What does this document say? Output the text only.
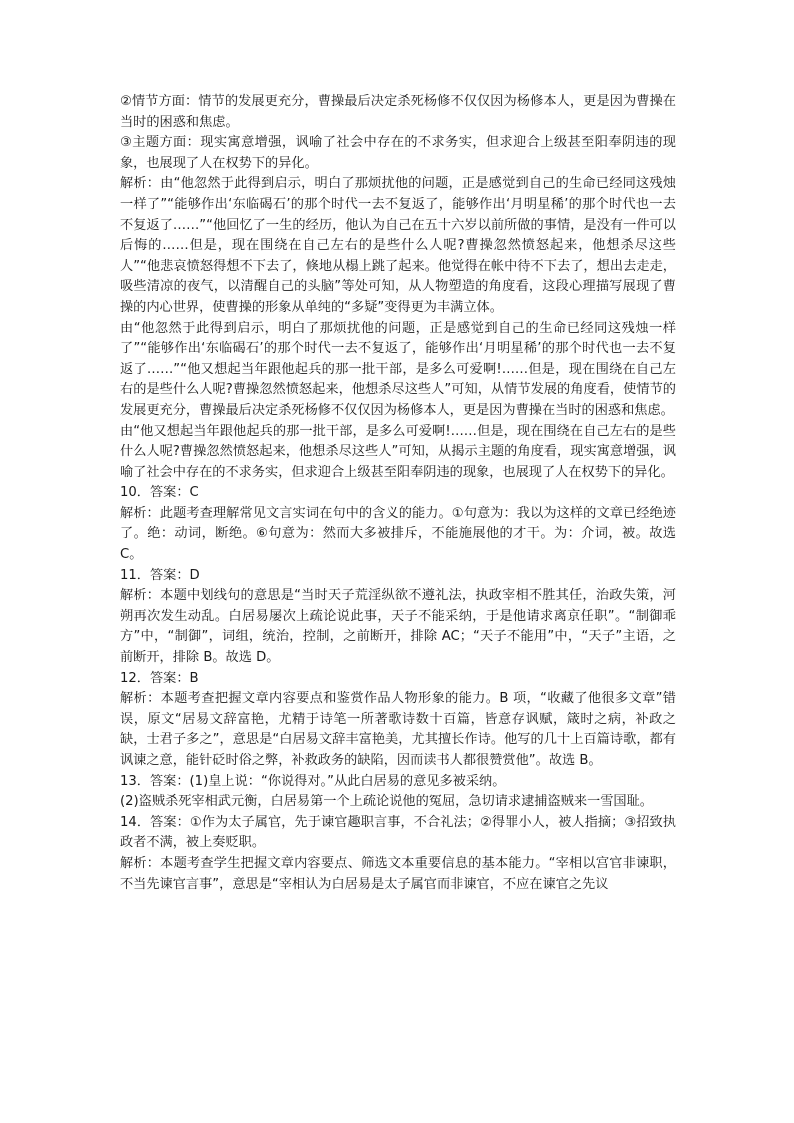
②情节方面：情节的发展更充分，曹操最后决定杀死杨修不仅仅因为杨修本人，更是因为曹操在当时的困惑和焦虑。

③主题方面：现实寓意增强，讽喻了社会中存在的不求务实，但求迎合上级甚至阳奉阴违的现象，也展现了人在权势下的异化。

解析：由“他忽然于此得到启示，明白了那烦扰他的问题，正是感觉到自己的生命已经同这残烛一样了”“能够作出‘东临碣石’的那个时代一去不复返了，能够作出‘月明星稀’的那个时代也一去不复返了……”“他回忆了一生的经历，他认为自己在五十六岁以前所做的事情，是没有一件可以后悔的……但是，现在围绕在自己左右的是些什么人呢?曹操忽然愤怒起来，他想杀尽这些人”“他悲哀愤怒得想不下去了，倏地从榻上跳了起来。他觉得在帐中待不下去了，想出去走走，吸些清凉的夜气，以清醒自己的头脑”等处可知，从人物塑造的角度看，这段心理描写展现了曹操的内心世界，使曹操的形象从单纯的“多疑”变得更为丰满立体。

由“他忽然于此得到启示，明白了那烦扰他的问题，正是感觉到自己的生命已经同这残烛一样了”“能够作出‘东临碣石’的那个时代一去不复返了，能够作出‘月明星稀’的那个时代也一去不复返了……”“他又想起当年跟他起兵的那一批干部，是多么可爱啊!……但是，现在围绕在自己左右的是些什么人呢?曹操忽然愤怒起来，他想杀尽这些人”可知，从情节发展的角度看，使情节的发展更充分，曹操最后决定杀死杨修不仅仅因为杨修本人，更是因为曹操在当时的困惑和焦虑。

由“他又想起当年跟他起兵的那一批干部，是多么可爱啊!……但是，现在围绕在自己左右的是些什么人呢?曹操忽然愤怒起来，他想杀尽这些人”可知，从揭示主题的角度看，现实寓意增强，讽喻了社会中存在的不求务实，但求迎合上级甚至阳奉阴违的现象，也展现了人在权势下的异化。

10．答案：C

解析：此题考查理解常见文言实词在句中的含义的能力。①句意为：我以为这样的文章已经绝迹了。绝：动词，断绝。⑥句意为：然而大多被排斥，不能施展他的才干。为：介词，被。故选 C。

11．答案：D

解析：本题中划线句的意思是“当时天子荒淫纵欲不遵礼法，执政宰相不胜其任，治政失策，河朔再次发生动乱。白居易屡次上疏论说此事，天子不能采纳，于是他请求离京任职”。“制御乖方”中，“制御”，词组，统治，控制，之前断开，排除 AC；“天子不能用”中，“天子”主语，之前断开，排除 B。故选 D。

12．答案：B

解析：本题考查把握文章内容要点和鉴赏作品人物形象的能力。B 项，“收藏了他很多文章”错误，原文“居易文辞富艳，尤精于诗笔一所著歌诗数十百篇，皆意存讽赋，箴时之病，补政之缺，士君子多之”，意思是“白居易文辞丰富艳美，尤其擅长作诗。他写的几十上百篇诗歌，都有讽谏之意，能针砭时俗之弊，补救政务的缺陷，因而读书人都很赞赏他”。故选 B。

13．答案：(1)皇上说：“你说得对。”从此白居易的意见多被采纳。

(2)盗贼杀死宰相武元衡，白居易第一个上疏论说他的冤屈，急切请求逮捕盗贼来一雪国耻。

14．答案：①作为太子属官，先于谏官趣职言事，不合礼法；②得罪小人，被人指摘；③招致执政者不满，被上奏贬职。

解析：本题考查学生把握文章内容要点、筛选文本重要信息的基本能力。“宰相以宫官非谏职，不当先谏官言事”，意思是“宰相认为白居易是太子属官而非谏官，不应在谏官之先议
